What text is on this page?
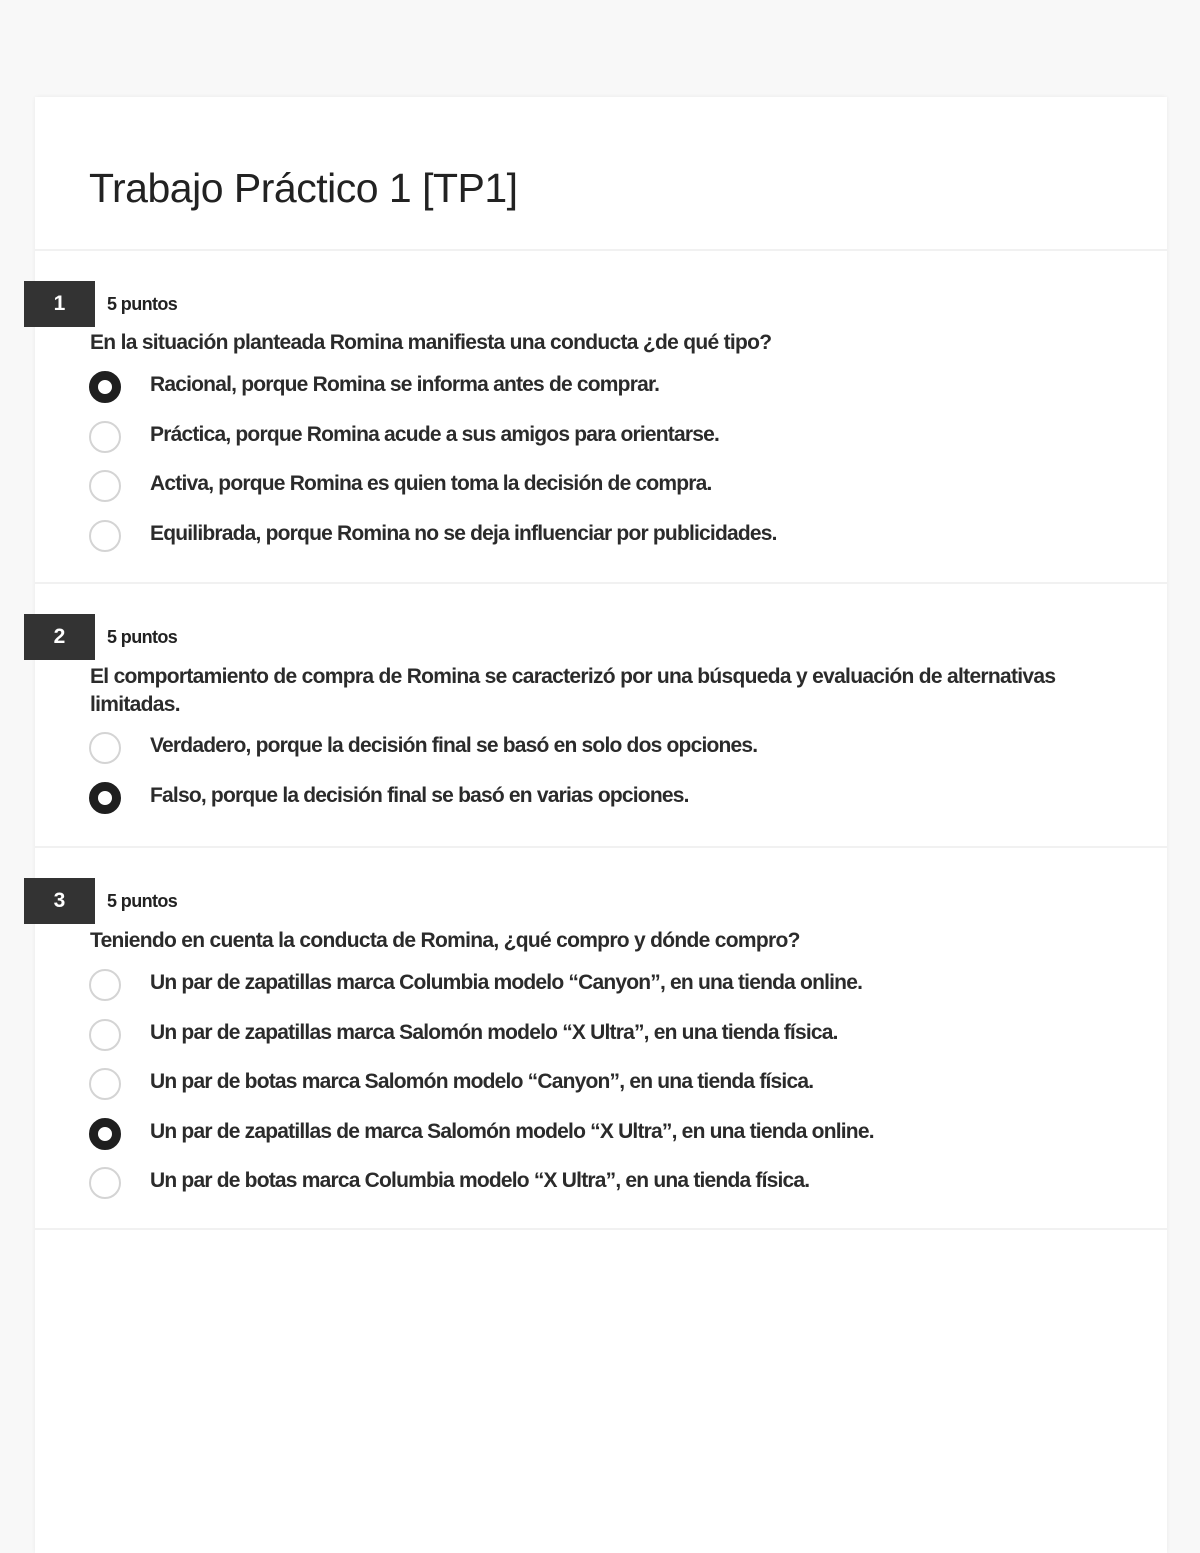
Trabajo Práctico 1 [TP1]
1	5 puntos
En la situación planteada Romina manifiesta una conducta ¿de qué tipo?
Racional, porque Romina se informa antes de comprar.
Práctica, porque Romina acude a sus amigos para orientarse.
Activa, porque Romina es quien toma la decisión de compra.
Equilibrada, porque Romina no se deja influenciar por publicidades.
2	5 puntos
El comportamiento de compra de Romina se caracterizó por una búsqueda y evaluación de alternativas limitadas.
Verdadero, porque la decisión final se basó en solo dos opciones.
Falso, porque la decisión final se basó en varias opciones.
3	5 puntos
Teniendo en cuenta la conducta de Romina, ¿qué compro y dónde compro?
Un par de zapatillas marca Columbia modelo “Canyon”, en una tienda online.
Un par de zapatillas marca Salomón modelo “X Ultra”, en una tienda física.
Un par de botas marca Salomón modelo “Canyon”, en una tienda física.
Un par de zapatillas de marca Salomón modelo “X Ultra”, en una tienda online.
Un par de botas marca Columbia modelo “X Ultra”, en una tienda física.
